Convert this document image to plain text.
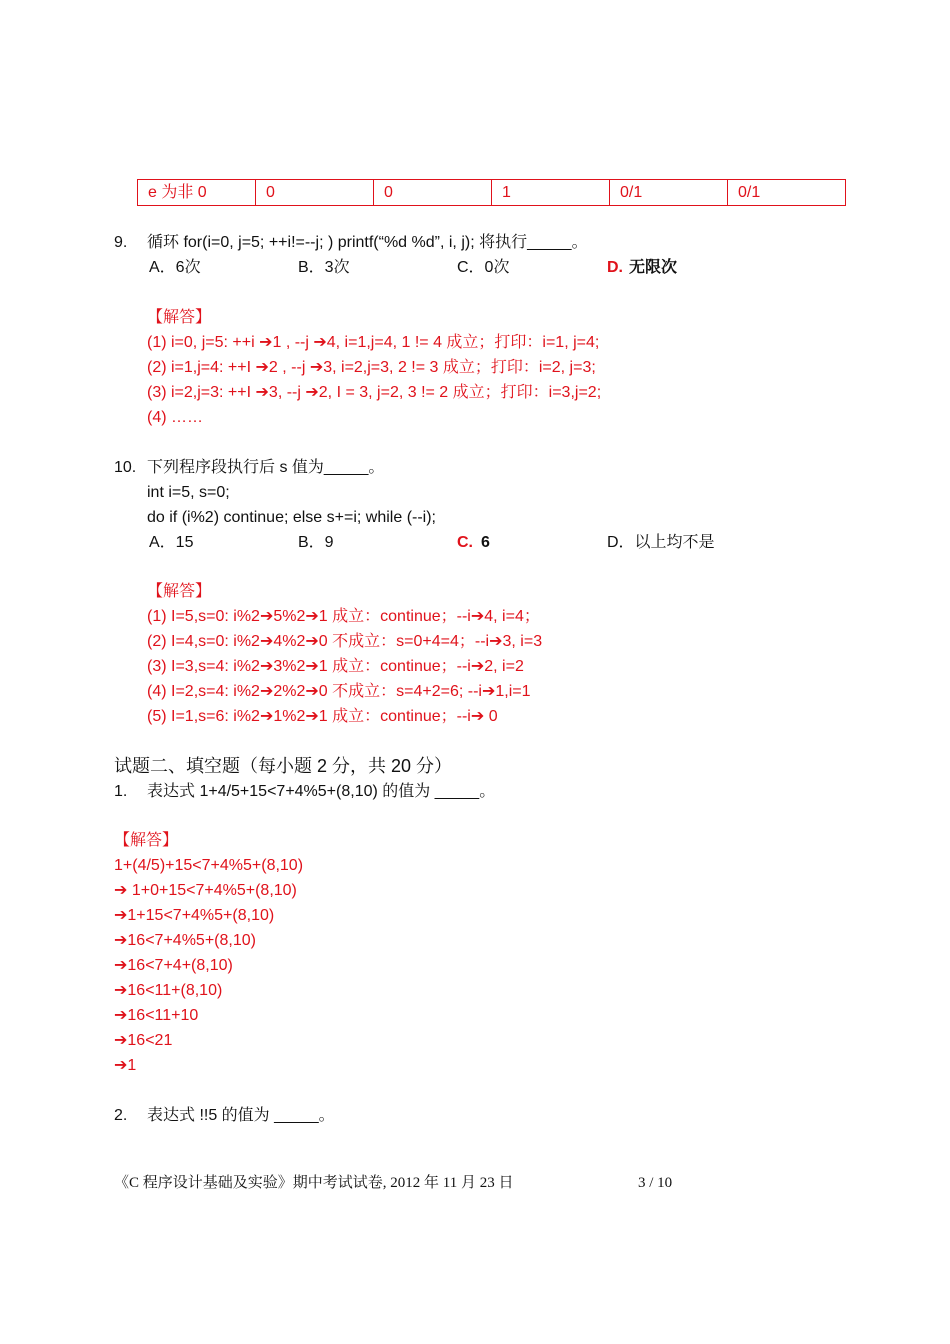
e 为非 0	0	0	1	0/1	0/1
9. 循环 for(i=0, j=5; ++i!=--j; ) printf(“%d %d”, i, j); 将执行_____。
A．6次	B．3次	C．0次	D. 无限次
【解答】
(1) i=0, j=5: ++i ➔1 , --j ➔4, i=1,j=4, 1 != 4 成立；打印：i=1, j=4;
(2) i=1,j=4: ++I ➔2 , --j ➔3, i=2,j=3, 2 != 3 成立；打印：i=2, j=3;
(3) i=2,j=3: ++I ➔3, --j ➔2, I = 3, j=2, 3 != 2 成立；打印：i=3,j=2;
(4) ……
10. 下列程序段执行后 s 值为_____。
int i=5, s=0;
do if (i%2) continue; else s+=i; while (--i);
A．15	B．9	C. 6	D．以上均不是
【解答】
(1) I=5,s=0: i%2➔5%2➔1 成立：continue；--i➔4, i=4；
(2) I=4,s=0: i%2➔4%2➔0 不成立：s=0+4=4；--i➔3, i=3
(3) I=3,s=4: i%2➔3%2➔1 成立：continue；--i➔2, i=2
(4) I=2,s=4: i%2➔2%2➔0 不成立：s=4+2=6; --i➔1,i=1
(5) I=1,s=6: i%2➔1%2➔1 成立：continue；--i➔ 0
试题二、填空题（每小题 2 分，共 20 分）
1. 表达式 1+4/5+15<7+4%5+(8,10) 的值为 _____。
【解答】
1+(4/5)+15<7+4%5+(8,10)
➔ 1+0+15<7+4%5+(8,10)
➔1+15<7+4%5+(8,10)
➔16<7+4%5+(8,10)
➔16<7+4+(8,10)
➔16<11+(8,10)
➔16<11+10
➔16<21
➔1
2. 表达式 !!5 的值为 _____。
《C 程序设计基础及实验》期中考试试卷, 2012 年 11 月 23 日	3 / 10
